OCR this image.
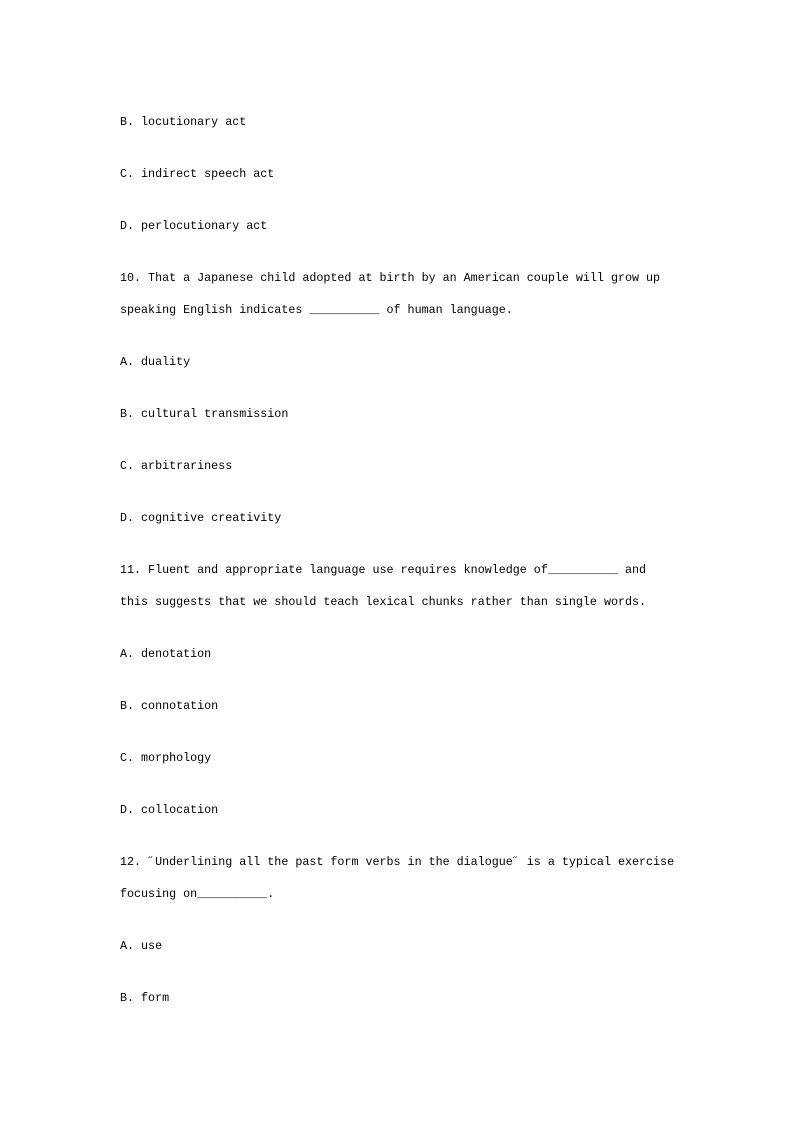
B. locutionary act
C. indirect speech act
D. perlocutionary act
10. That a Japanese child adopted at birth by an American couple will grow up
speaking English indicates __________ of human language.
A. duality
B. cultural transmission
C. arbitrariness
D. cognitive creativity
11. Fluent and appropriate language use requires knowledge of__________ and
this suggests that we should teach lexical chunks rather than single words.
A. denotation
B. connotation
C. morphology
D. collocation
12. ˝Underlining all the past form verbs in the dialogue˝ is a typical exercise
focusing on__________.
A. use
B. form
